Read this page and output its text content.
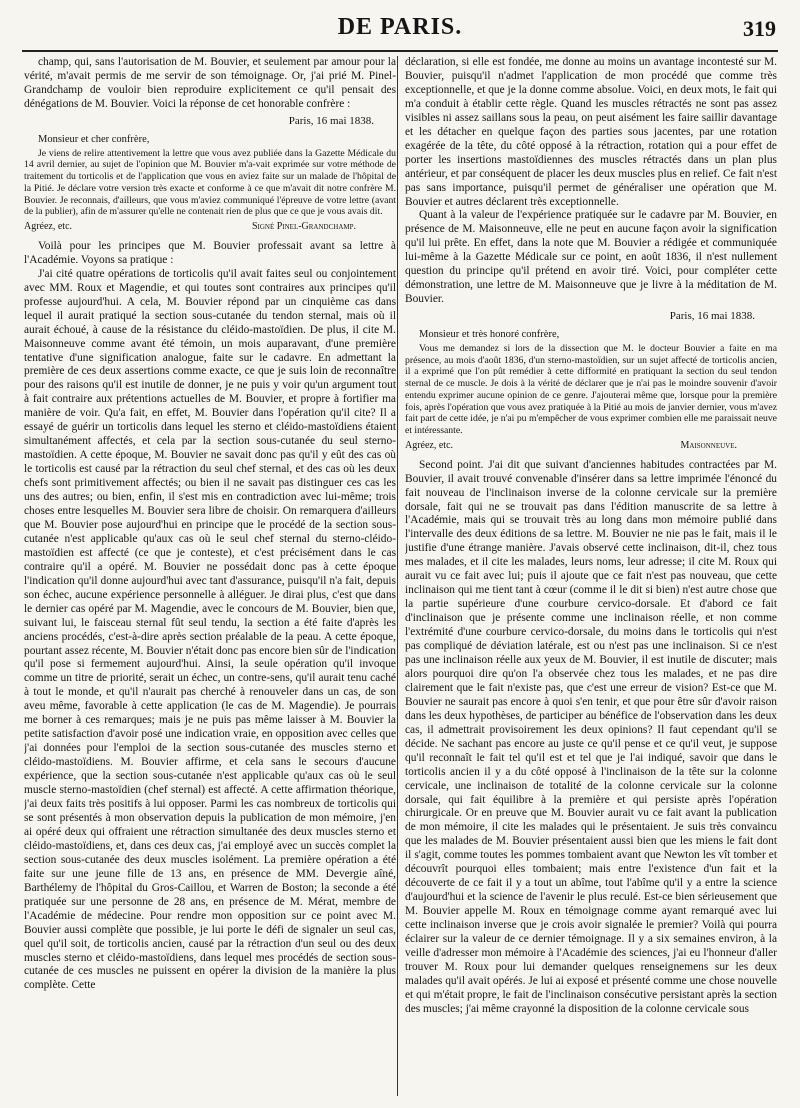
DE PARIS.	319

champ, qui, sans l'autorisation de M. Bouvier, et seulement par amour pour la vérité, m'avait permis de me servir de son témoignage. Or, j'ai prié M. Pinel-Grandchamp de vouloir bien reproduire explicitement ce qu'il pensait des dénégations de M. Bouvier. Voici la réponse de cet honorable confrère :

Paris, 16 mai 1838.
Monsieur et cher confrère,

Je viens de relire attentivement la lettre que vous avez publiée dans la Gazette Médicale du 14 avril dernier, au sujet de l'opinion que M. Bouvier m'a-vait exprimée sur votre méthode de traitement du torticolis et de l'application que vous en aviez faite sur un malade de l'hôpital de la Pitié. Je déclare votre version très exacte et conforme à ce que m'avait dit notre confrère M. Bouvier. Je reconnais, d'ailleurs, que vous m'aviez communiqué l'épreuve de votre lettre (avant de la publier), afin de m'assurer qu'elle ne contenait rien de plus que ce que je vous avais dit.

Agréez, etc.	Signé Pinel-Grandchamp.

Voilà pour les principes que M. Bouvier professait avant sa lettre à l'Académie. Voyons sa pratique :

J'ai cité quatre opérations de torticolis qu'il avait faites seul ou conjointement avec MM. Roux et Magendie, et qui toutes sont contraires aux principes qu'il professe aujourd'hui. A cela, M. Bouvier répond par un cinquième cas dans lequel il aurait pratiqué la section sous-cutanée du tendon sternal, mais où il aurait échoué, à cause de la résistance du cléido-mastoïdien. De plus, il cite M. Maisonneuve comme avant été témoin, un mois auparavant, d'une première tentative d'une signification analogue, faite sur le cadavre. En admettant la première de ces deux assertions comme exacte, ce que je suis loin de reconnaître pour des raisons qu'il est inutile de donner, je ne puis y voir qu'un argument tout à fait contraire aux prétentions actuelles de M. Bouvier, et propre à fortifier ma manière de voir. Qu'a fait, en effet, M. Bouvier dans l'opération qu'il cite? Il a essayé de guérir un torticolis dans lequel les sterno et cléido-mastoïdiens étaient simultanément affectés, et cela par la section sous-cutanée du seul sterno-mastoïdien. A cette époque, M. Bouvier ne savait donc pas qu'il y eût des cas où le torticolis est causé par la rétraction du seul chef sternal, et des cas où les deux chefs sont primitivement affectés; ou bien il ne savait pas distinguer ces cas les uns des autres; ou bien, enfin, il s'est mis en contradiction avec lui-même; trois choses entre lesquelles M. Bouvier sera libre de choisir. On remarquera d'ailleurs que M. Bouvier pose aujourd'hui en principe que le procédé de la section sous-cutanée n'est applicable qu'aux cas où le seul chef sternal du sterno-cléido-mastoïdien est affecté (ce que je conteste), et c'est précisément dans le cas contraire qu'il a opéré. M. Bouvier ne possédait donc pas à cette époque l'indication qu'il donne aujourd'hui avec tant d'assurance, puisqu'il n'a fait, depuis son échec, aucune expérience personnelle à alléguer. Je dirai plus, c'est que dans le dernier cas opéré par M. Magendie, avec le concours de M. Bouvier, bien que, suivant lui, le faisceau sternal fût seul tendu, la section a été faite d'après les anciens procédés, c'est-à-dire après section préalable de la peau. A cette époque, pourtant assez récente, M. Bouvier n'était donc pas encore bien sûr de l'indication qu'il pose si fermement aujourd'hui. Ainsi, la seule opération qu'il invoque comme un titre de priorité, serait un échec, un contre-sens, qu'il aurait tenu caché à tout le monde, et qu'il n'aurait pas cherché à renouveler dans un cas, de son aveu même, favorable à cette application (le cas de M. Magendie). Je pourrais me borner à ces remarques; mais je ne puis pas même laisser à M. Bouvier la petite satisfaction d'avoir posé une indication vraie, en opposition avec celles que j'ai données pour l'emploi de la section sous-cutanée des muscles sterno et cléido-mastoïdiens. M. Bouvier affirme, et cela sans le secours d'aucune expérience, que la section sous-cutanée n'est applicable qu'aux cas où le seul muscle sterno-mastoïdien (chef sternal) est affecté. A cette affirmation théorique, j'ai deux faits très positifs à lui opposer. Parmi les cas nombreux de torticolis qui se sont présentés à mon observation depuis la publication de mon mémoire, j'en ai opéré deux qui offraient une rétraction simultanée des deux muscles sterno et cléido-mastoïdiens, et, dans ces deux cas, j'ai employé avec un succès complet la section sous-cutanée des deux muscles isolément. La première opération a été faite sur une jeune fille de 13 ans, en présence de MM. Devergie aîné, Barthélemy de l'hôpital du Gros-Caillou, et Warren de Boston; la seconde a été pratiquée sur une personne de 28 ans, en présence de M. Mérat, membre de l'Académie de médecine. Pour rendre mon opposition sur ce point avec M. Bouvier aussi complète que possible, je lui porte le défi de signaler un seul cas, quel qu'il soit, de torticolis ancien, causé par la rétraction d'un seul ou des deux muscles sterno et cléido-mastoïdiens, dans lequel mes procédés de section sous-cutanée de ces muscles ne puissent en opérer la division de la manière la plus complète. Cette

déclaration, si elle est fondée, me donne au moins un avantage incontesté sur M. Bouvier, puisqu'il n'admet l'application de mon procédé que comme très exceptionnelle, et que je la donne comme absolue. Voici, en deux mots, le fait qui m'a conduit à établir cette règle. Quand les muscles rétractés ne sont pas assez visibles ni assez saillans sous la peau, on peut aisément les faire saillir davantage et les détacher en quelque façon des parties sous jacentes, par une rotation exagérée de la tête, du côté opposé à la rétraction, rotation qui a pour effet de porter les insertions mastoïdiennes des muscles rétractés dans un plan plus antérieur, et par conséquent de placer les deux muscles plus en relief. Ce fait n'est pas sans importance, puisqu'il permet de généraliser une opération que M. Bouvier et autres déclarent très exceptionnelle.

Quant à la valeur de l'expérience pratiquée sur le cadavre par M. Bouvier, en présence de M. Maisonneuve, elle ne peut en aucune façon avoir la signification qu'il lui prête. En effet, dans la note que M. Bouvier a rédigée et communiquée lui-même à la Gazette Médicale sur ce point, en août 1836, il n'est nullement question du principe qu'il prétend en avoir tiré. Voici, pour compléter cette démonstration, une lettre de M. Maisonneuve que je livre à la méditation de M. Bouvier.

Paris, 16 mai 1838.
Monsieur et très honoré confrère,

Vous me demandez si lors de la dissection que M. le docteur Bouvier a faite en ma présence, au mois d'août 1836, d'un sterno-mastoïdien, sur un sujet affecté de torticolis ancien, il a exprimé que l'on pût remédier à cette difformité en pratiquant la section du seul tendon sternal de ce muscle. Je dois à la vérité de déclarer que je n'ai pas le moindre souvenir d'avoir entendu exprimer aucune opinion de ce genre. J'ajouterai même que, lorsque pour la première fois, après l'opération que vous avez pratiquée à la Pitié au mois de janvier dernier, vous m'avez fait part de cette idée, je n'ai pu m'empêcher de vous exprimer combien elle me paraissait neuve et intéressante.

Agréez, etc.	Maisonneuve.

Second point. J'ai dit que suivant d'anciennes habitudes contractées par M. Bouvier, il avait trouvé convenable d'insérer dans sa lettre imprimée l'énoncé du fait nouveau de l'inclinaison inverse de la colonne cervicale sur la première dorsale, fait qui ne se trouvait pas dans l'édition manuscrite de sa lettre à l'Académie, mais qui se trouvait très au long dans mon mémoire publié dans l'intervalle des deux éditions de sa lettre. M. Bouvier ne nie pas le fait, mais il le justifie d'une étrange manière. J'avais observé cette inclinaison, dit-il, chez tous mes malades, et il cite les malades, leurs noms, leur adresse; il cite M. Roux qui aurait vu ce fait avec lui; puis il ajoute que ce fait n'est pas nouveau, que cette inclinaison qui me tient tant à cœur (comme il le dit si bien) n'est autre chose que la partie supérieure d'une courbure cervico-dorsale. Et d'abord ce fait d'inclinaison que je présente comme une inclinaison réelle, et non comme l'extrémité d'une courbure cervico-dorsale, du moins dans le torticolis qui n'est pas compliqué de déviation latérale, est ou n'est pas une inclinaison. Si ce n'est pas une inclinaison réelle aux yeux de M. Bouvier, il est inutile de discuter; mais alors pourquoi dire qu'on l'a observée chez tous les malades, et ne pas dire clairement que le fait n'existe pas, que c'est une erreur de vision? Est-ce que M. Bouvier ne saurait pas encore à quoi s'en tenir, et que pour être sûr d'avoir raison dans les deux hypothèses, de participer au bénéfice de l'observation dans les deux cas, il admettrait provisoirement les deux opinions? Il faut cependant qu'il se décide. Ne sachant pas encore au juste ce qu'il pense et ce qu'il veut, je suppose qu'il reconnaît le fait tel qu'il est et tel que je l'ai indiqué, savoir que dans le torticolis ancien il y a du côté opposé à l'inclinaison de la tête sur la colonne cervicale, une inclinaison de totalité de la colonne cervicale sur la colonne dorsale, qui fait équilibre à la première et qui persiste après l'opération chirurgicale. Or en preuve que M. Bouvier aurait vu ce fait avant la publication de mon mémoire, il cite les malades qui le présentaient. Je suis très convaincu que les malades de M. Bouvier présentaient aussi bien que les miens le fait dont il s'agit, comme toutes les pommes tombaient avant que Newton les vît tomber et découvrît pourquoi elles tombaient; mais entre l'existence d'un fait et la découverte de ce fait il y a tout un abîme, tout l'abîme qu'il y a entre la science d'aujourd'hui et la science de l'avenir le plus reculé. Est-ce bien sérieusement que M. Bouvier appelle M. Roux en témoignage comme ayant remarqué avec lui cette inclinaison inverse que je crois avoir signalée le premier? Voilà qui pourra éclairer sur la valeur de ce dernier témoignage. Il y a six semaines environ, à la veille d'adresser mon mémoire à l'Académie des sciences, j'ai eu l'honneur d'aller trouver M. Roux pour lui demander quelques renseignemens sur les deux malades qu'il avait opérés. Je lui ai exposé et présenté comme une chose nouvelle et qui m'était propre, le fait de l'inclinaison consécutive persistant après la section des muscles; j'ai même crayonné la disposition de la colonne cervicale sous
